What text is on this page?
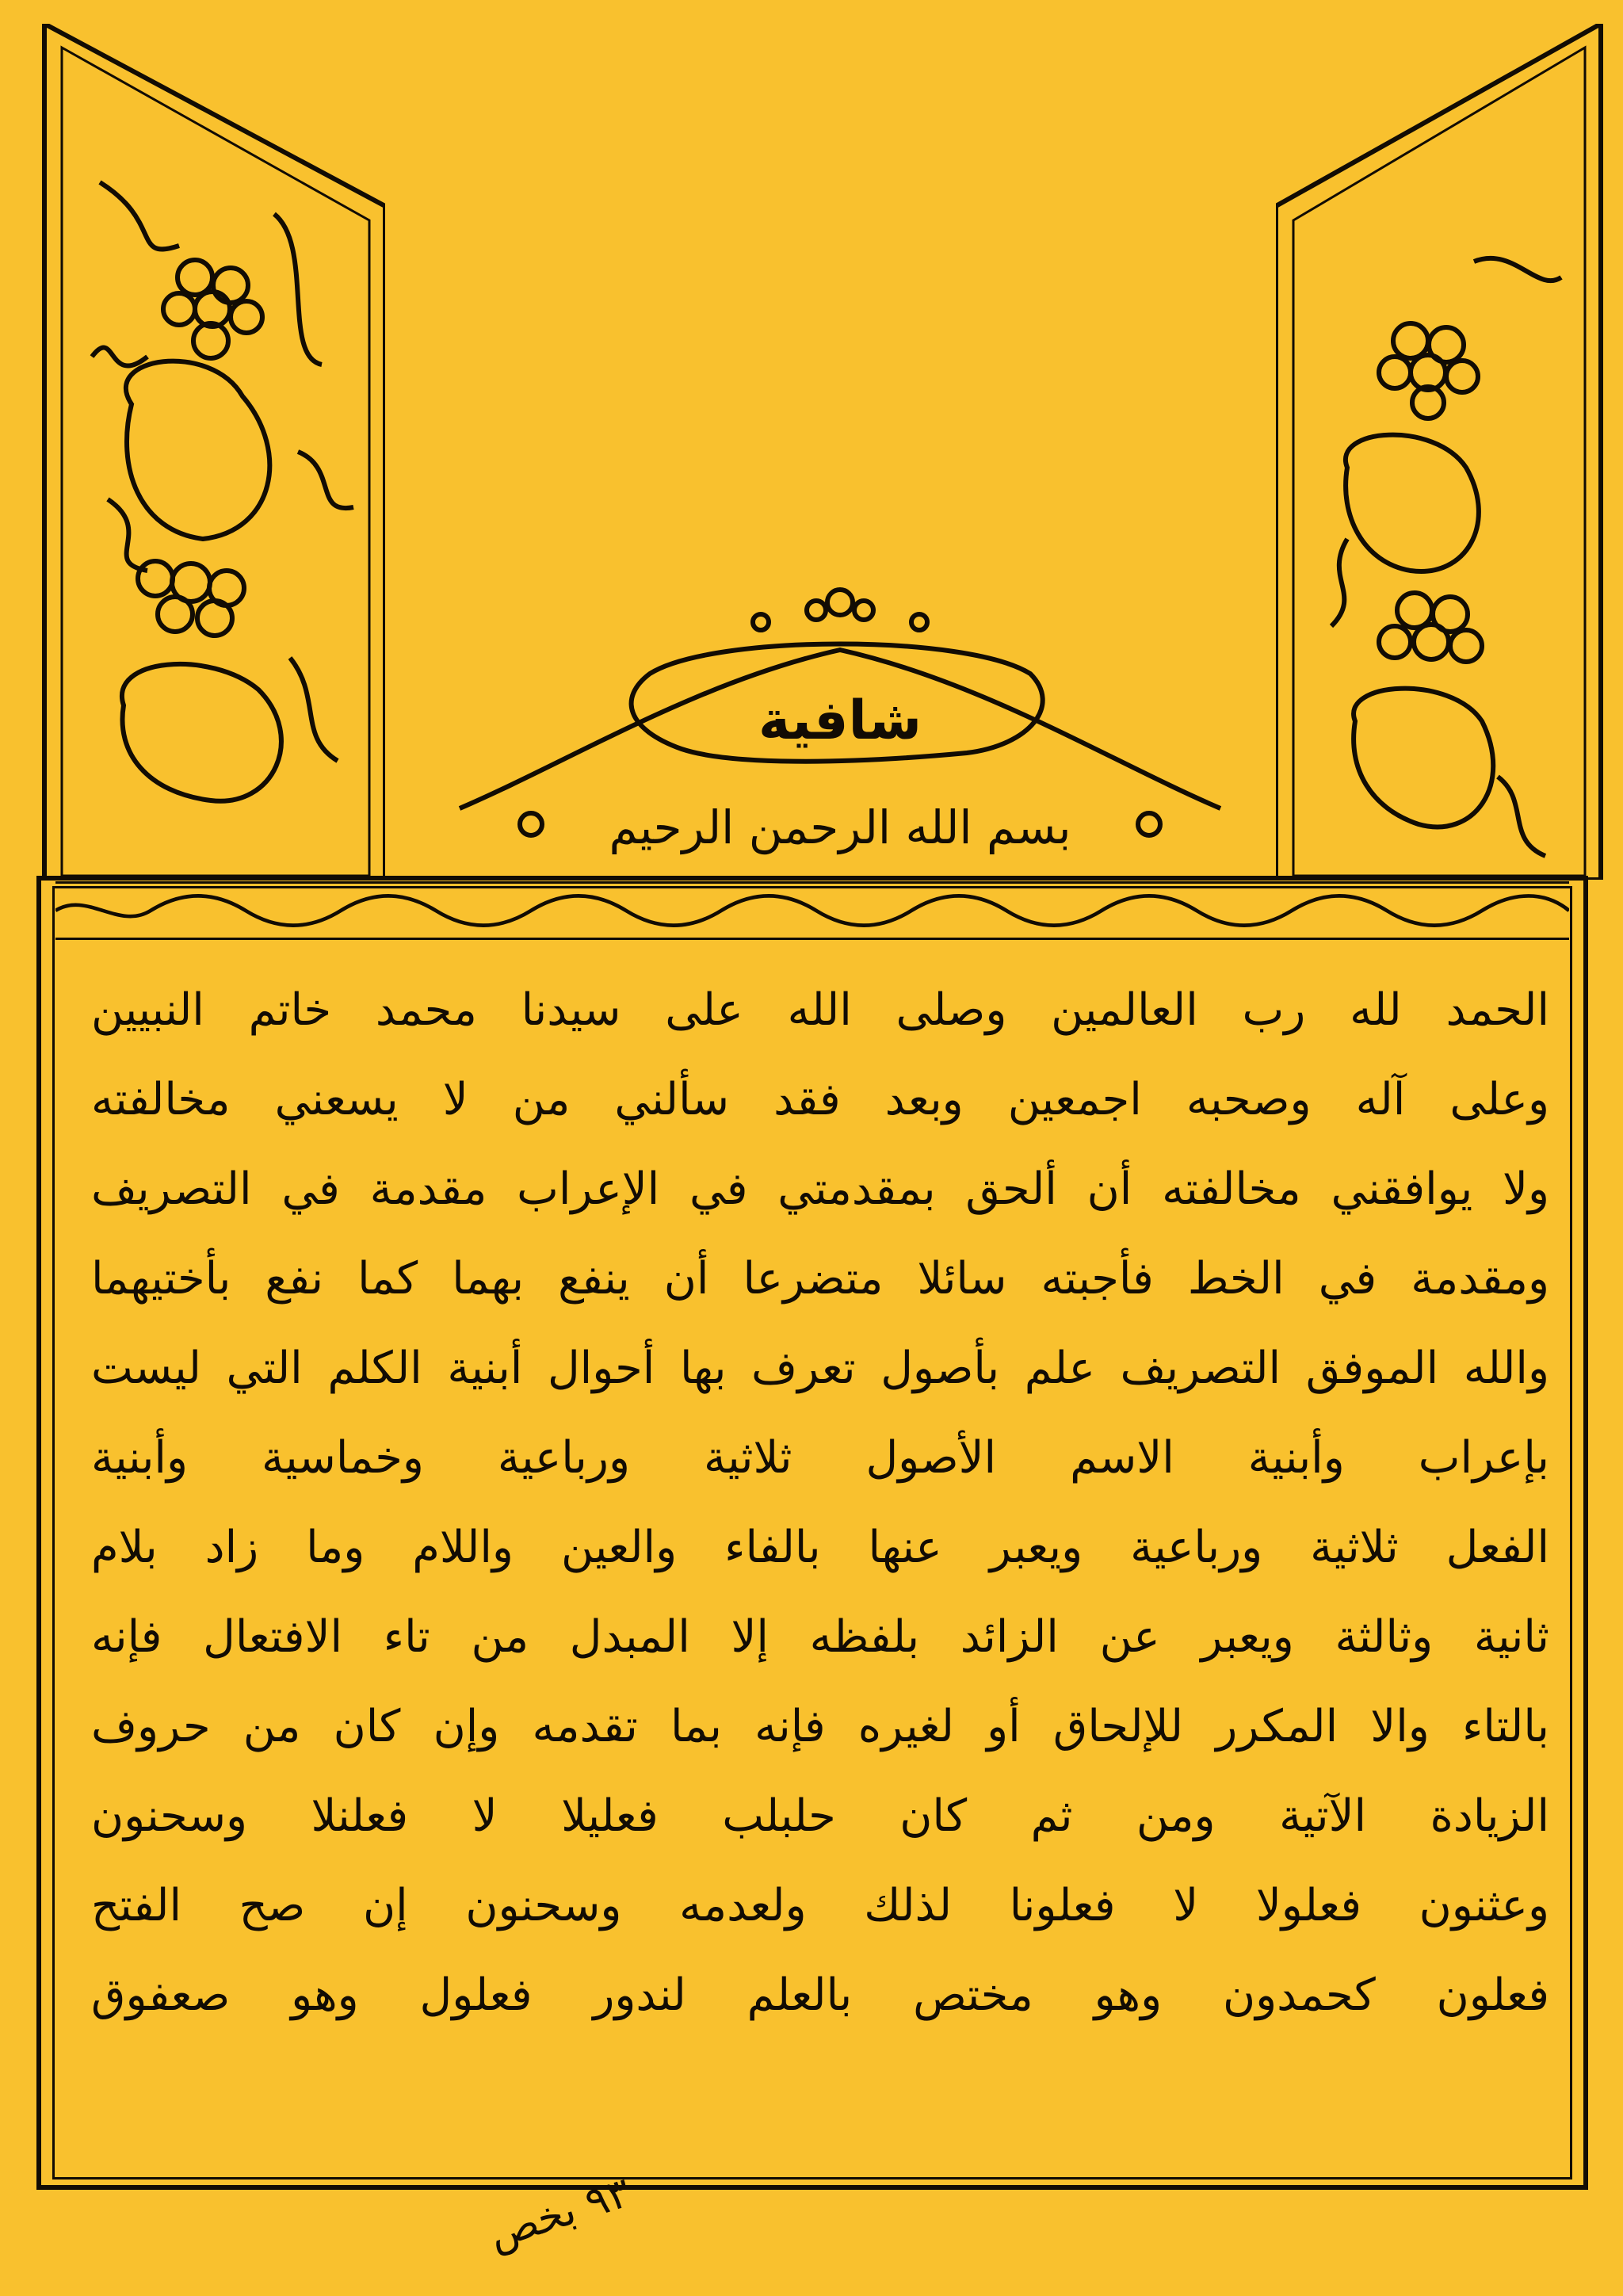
شافية
بسم الله الرحمن الرحيم
الحمد لله رب العالمين وصلى الله على سيدنا محمد خاتم النبيين
وعلى آله وصحبه اجمعين وبعد فقد سألني من لا يسعني مخالفته
ولا يوافقني مخالفته أن ألحق بمقدمتي في الإعراب مقدمة في التصريف
ومقدمة في الخط فأجبته سائلا متضرعا أن ينفع بهما كما نفع بأختيهما
والله الموفق التصريف علم بأصول تعرف بها أحوال أبنية الكلم التي ليست
بإعراب وأبنية الاسم الأصول ثلاثية ورباعية وخماسية وأبنية
الفعل ثلاثية ورباعية ويعبر عنها بالفاء والعين واللام وما زاد بلام
ثانية وثالثة ويعبر عن الزائد بلفظه إلا المبدل من تاء الافتعال فإنه
بالتاء والا المكرر للإلحاق أو لغيره فإنه بما تقدمه وإن كان من حروف
الزيادة الآتية ومن ثم كان حلبلب فعليلا لا فعلنلا وسحنون
وعثنون فعلولا لا فعلونا لذلك ولعدمه وسحنون إن صح الفتح
فعلون كحمدون وهو مختص بالعلم لندور فعلول وهو صعفوق
٩٣ بخص
